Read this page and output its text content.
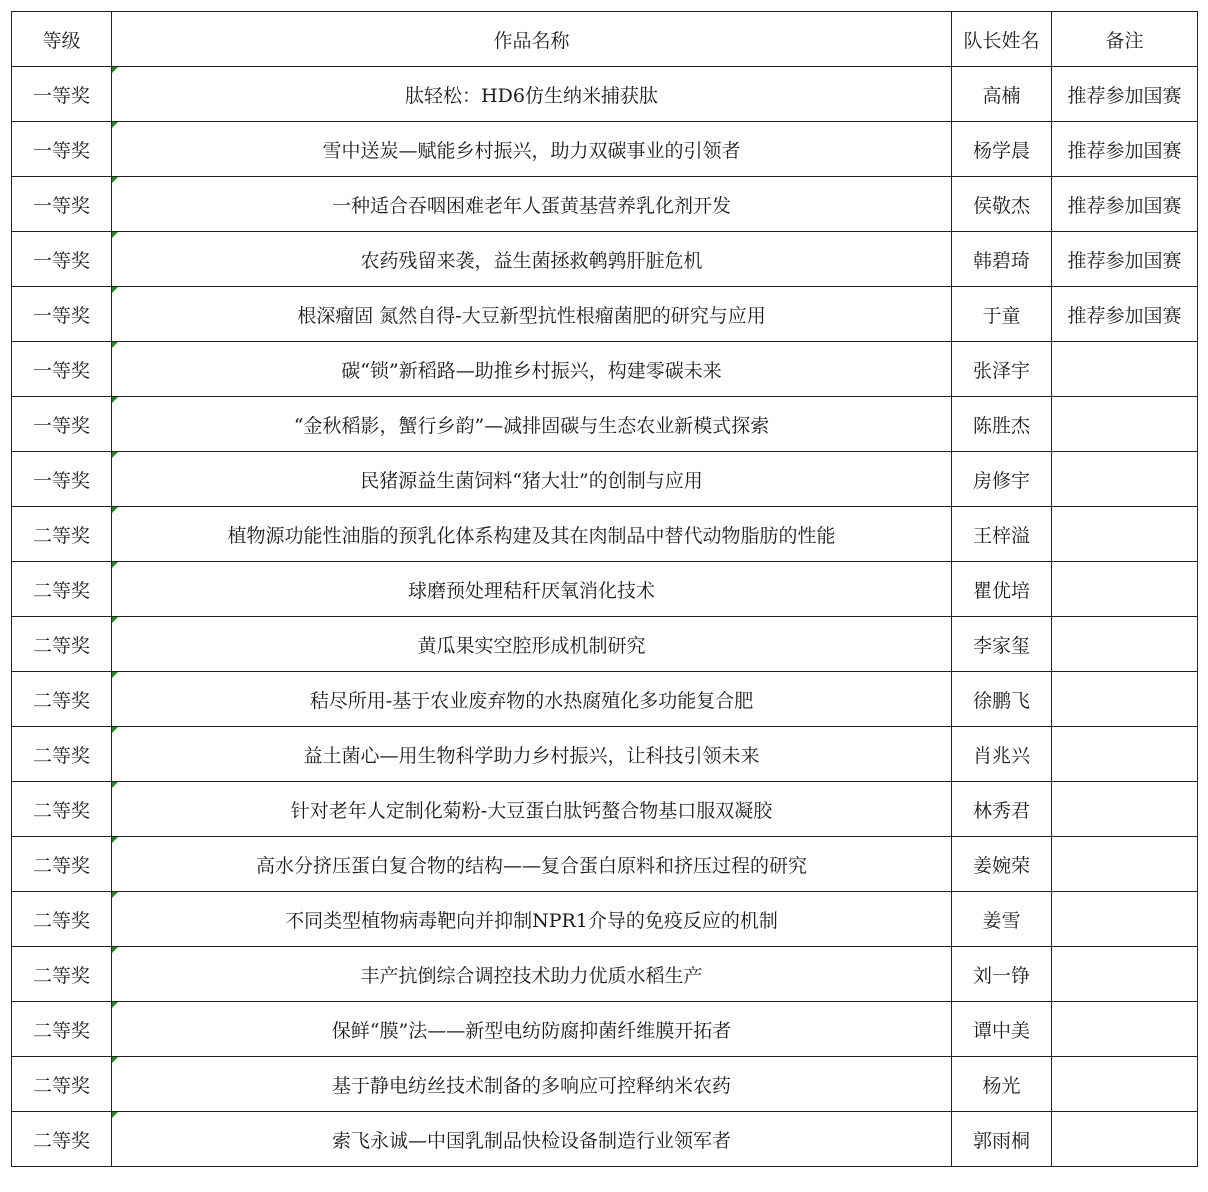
等级	作品名称	队长姓名	备注
一等奖	肽轻松：HD6仿生纳米捕获肽	高楠	推荐参加国赛
一等奖	雪中送炭—赋能乡村振兴，助力双碳事业的引领者	杨学晨	推荐参加国赛
一等奖	一种适合吞咽困难老年人蛋黄基营养乳化剂开发	侯敬杰	推荐参加国赛
一等奖	农药残留来袭，益生菌拯救鹌鹑肝脏危机	韩碧琦	推荐参加国赛
一等奖	根深瘤固 氮然自得-大豆新型抗性根瘤菌肥的研究与应用	于童	推荐参加国赛
一等奖	碳“锁”新稻路—助推乡村振兴，构建零碳未来	张泽宇	
一等奖	“金秋稻影，蟹行乡韵”—减排固碳与生态农业新模式探索	陈胜杰	
一等奖	民猪源益生菌饲料“猪大壮”的创制与应用	房修宇	
二等奖	植物源功能性油脂的预乳化体系构建及其在肉制品中替代动物脂肪的性能	王梓溢	
二等奖	球磨预处理秸秆厌氧消化技术	瞿优培	
二等奖	黄瓜果实空腔形成机制研究	李家玺	
二等奖	秸尽所用-基于农业废弃物的水热腐殖化多功能复合肥	徐鹏飞	
二等奖	益土菌心—用生物科学助力乡村振兴，让科技引领未来	肖兆兴	
二等奖	针对老年人定制化菊粉-大豆蛋白肽钙螯合物基口服双凝胶	林秀君	
二等奖	高水分挤压蛋白复合物的结构——复合蛋白原料和挤压过程的研究	姜婉荣	
二等奖	不同类型植物病毒靶向并抑制NPR1介导的免疫反应的机制	姜雪	
二等奖	丰产抗倒综合调控技术助力优质水稻生产	刘一铮	
二等奖	保鲜“膜”法——新型电纺防腐抑菌纤维膜开拓者	谭中美	
二等奖	基于静电纺丝技术制备的多响应可控释纳米农药	杨光	
二等奖	索飞永诚—中国乳制品快检设备制造行业领军者	郭雨桐	
